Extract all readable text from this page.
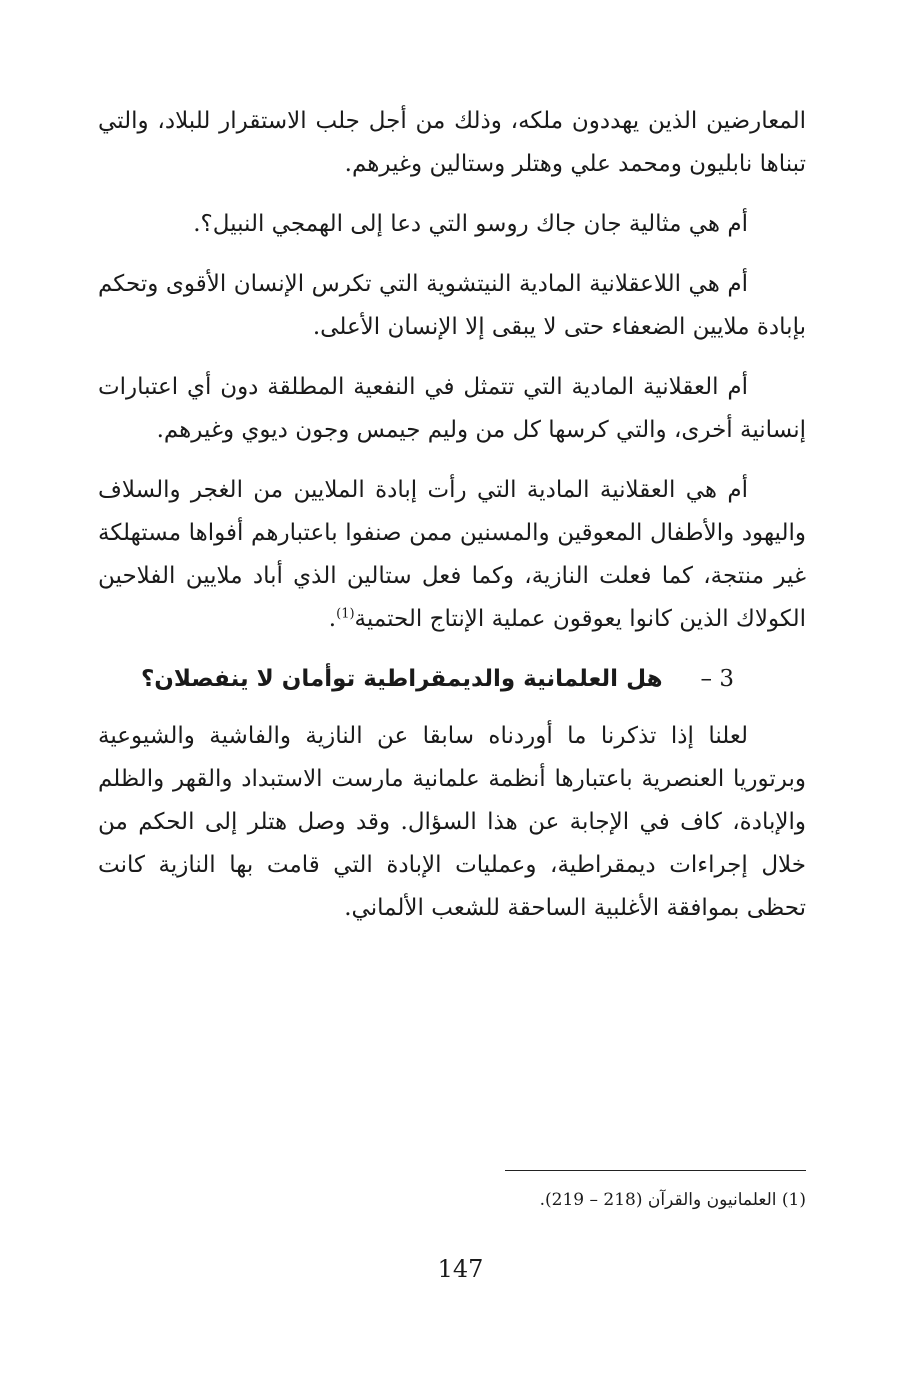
المعارضين الذين يهددون ملكه، وذلك من أجل جلب الاستقرار للبلاد، والتي تبناها نابليون ومحمد علي وهتلر وستالين وغيرهم.

أم هي مثالية جان جاك روسو التي دعا إلى الهمجي النبيل؟.

أم هي اللاعقلانية المادية النيتشوية التي تكرس الإنسان الأقوى وتحكم بإبادة ملايين الضعفاء حتى لا يبقى إلا الإنسان الأعلى.

أم العقلانية المادية التي تتمثل في النفعية المطلقة دون أي اعتبارات إنسانية أخرى، والتي كرسها كل من وليم جيمس وجون ديوي وغيرهم.

أم هي العقلانية المادية التي رأت إبادة الملايين من الغجر والسلاف واليهود والأطفال المعوقين والمسنين ممن صنفوا باعتبارهم أفواها مستهلكة غير منتجة، كما فعلت النازية، وكما فعل ستالين الذي أباد ملايين الفلاحين الكولاك الذين كانوا يعوقون عملية الإنتاج الحتمية$^{(1)}$.

3 –
هل العلمانية والديمقراطية توأمان لا ينفصلان؟

لعلنا إذا تذكرنا ما أوردناه سابقا عن النازية والفاشية والشيوعية وبرتوريا العنصرية باعتبارها أنظمة علمانية مارست الاستبداد والقهر والظلم والإبادة، كاف في الإجابة عن هذا السؤال. وقد وصل هتلر إلى الحكم من خلال إجراءات ديمقراطية، وعمليات الإبادة التي قامت بها النازية كانت تحظى بموافقة الأغلبية الساحقة للشعب الألماني.

(1) العلمانيون والقرآن (218 – 219).
147
